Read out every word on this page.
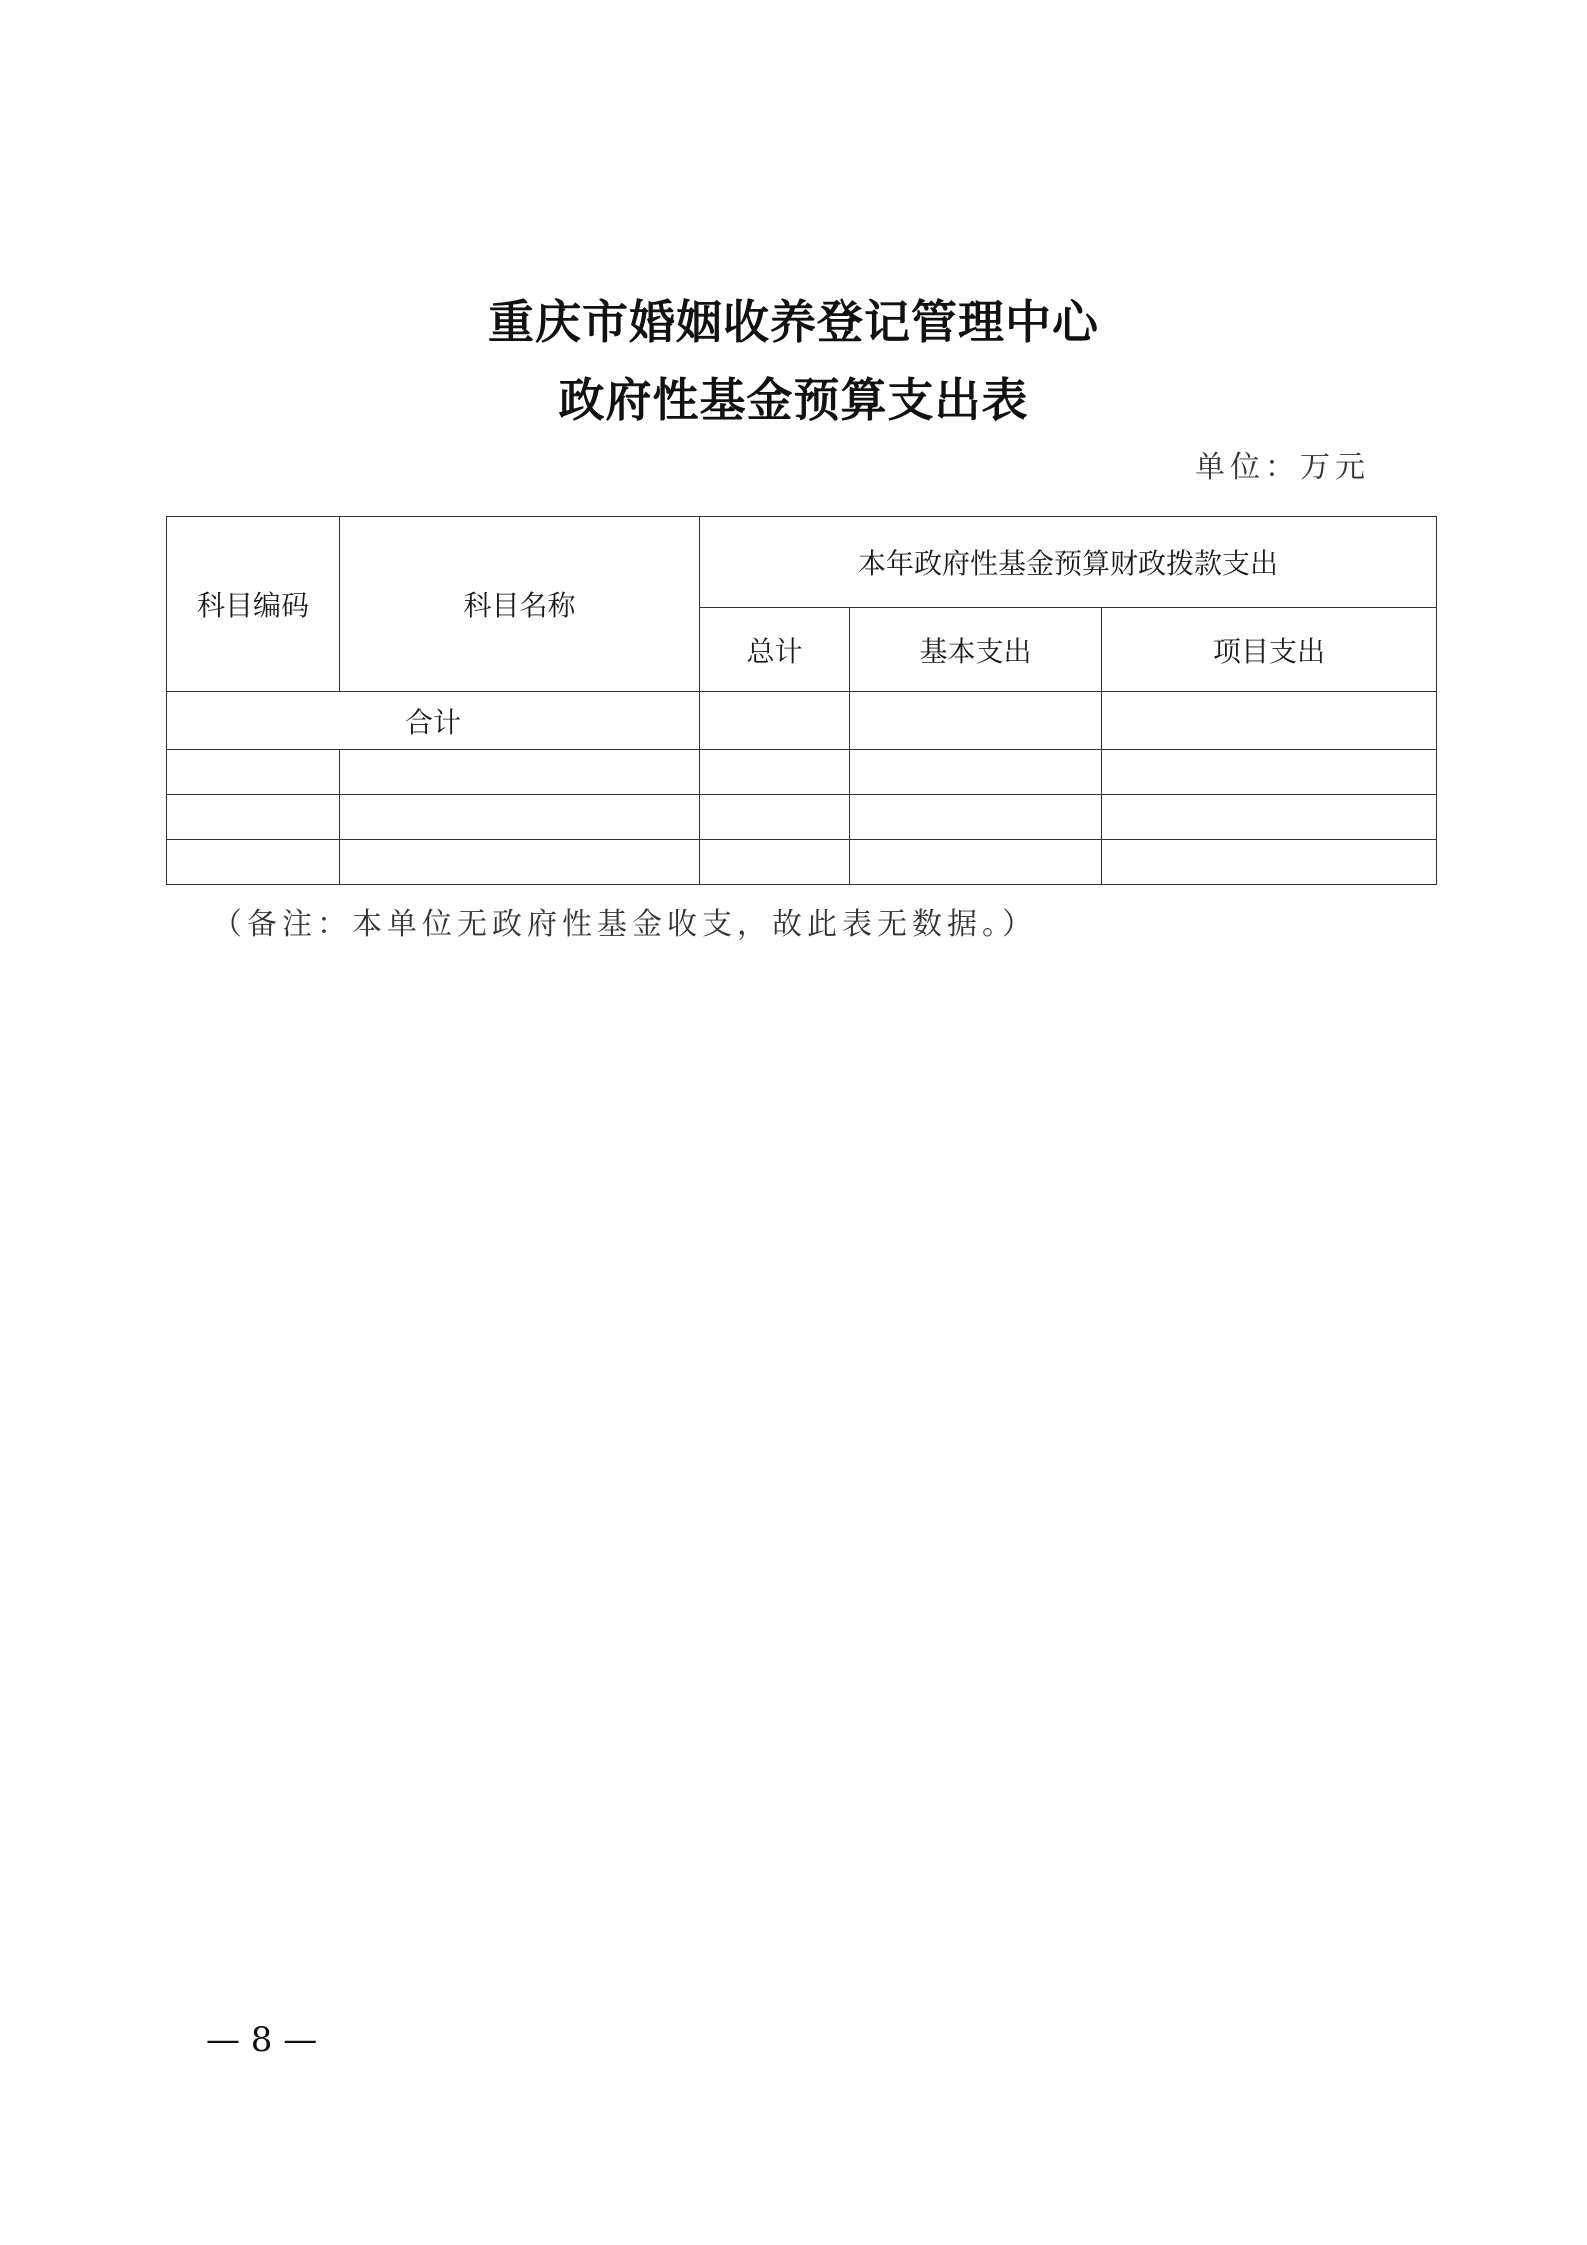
重庆市婚姻收养登记管理中心
政府性基金预算支出表
单位：万元
科目编码	科目名称	本年政府性基金预算财政拨款支出		
		总计	基本支出	项目支出
合计				

（备注：本单位无政府性基金收支，故此表无数据。）
— 8 —
